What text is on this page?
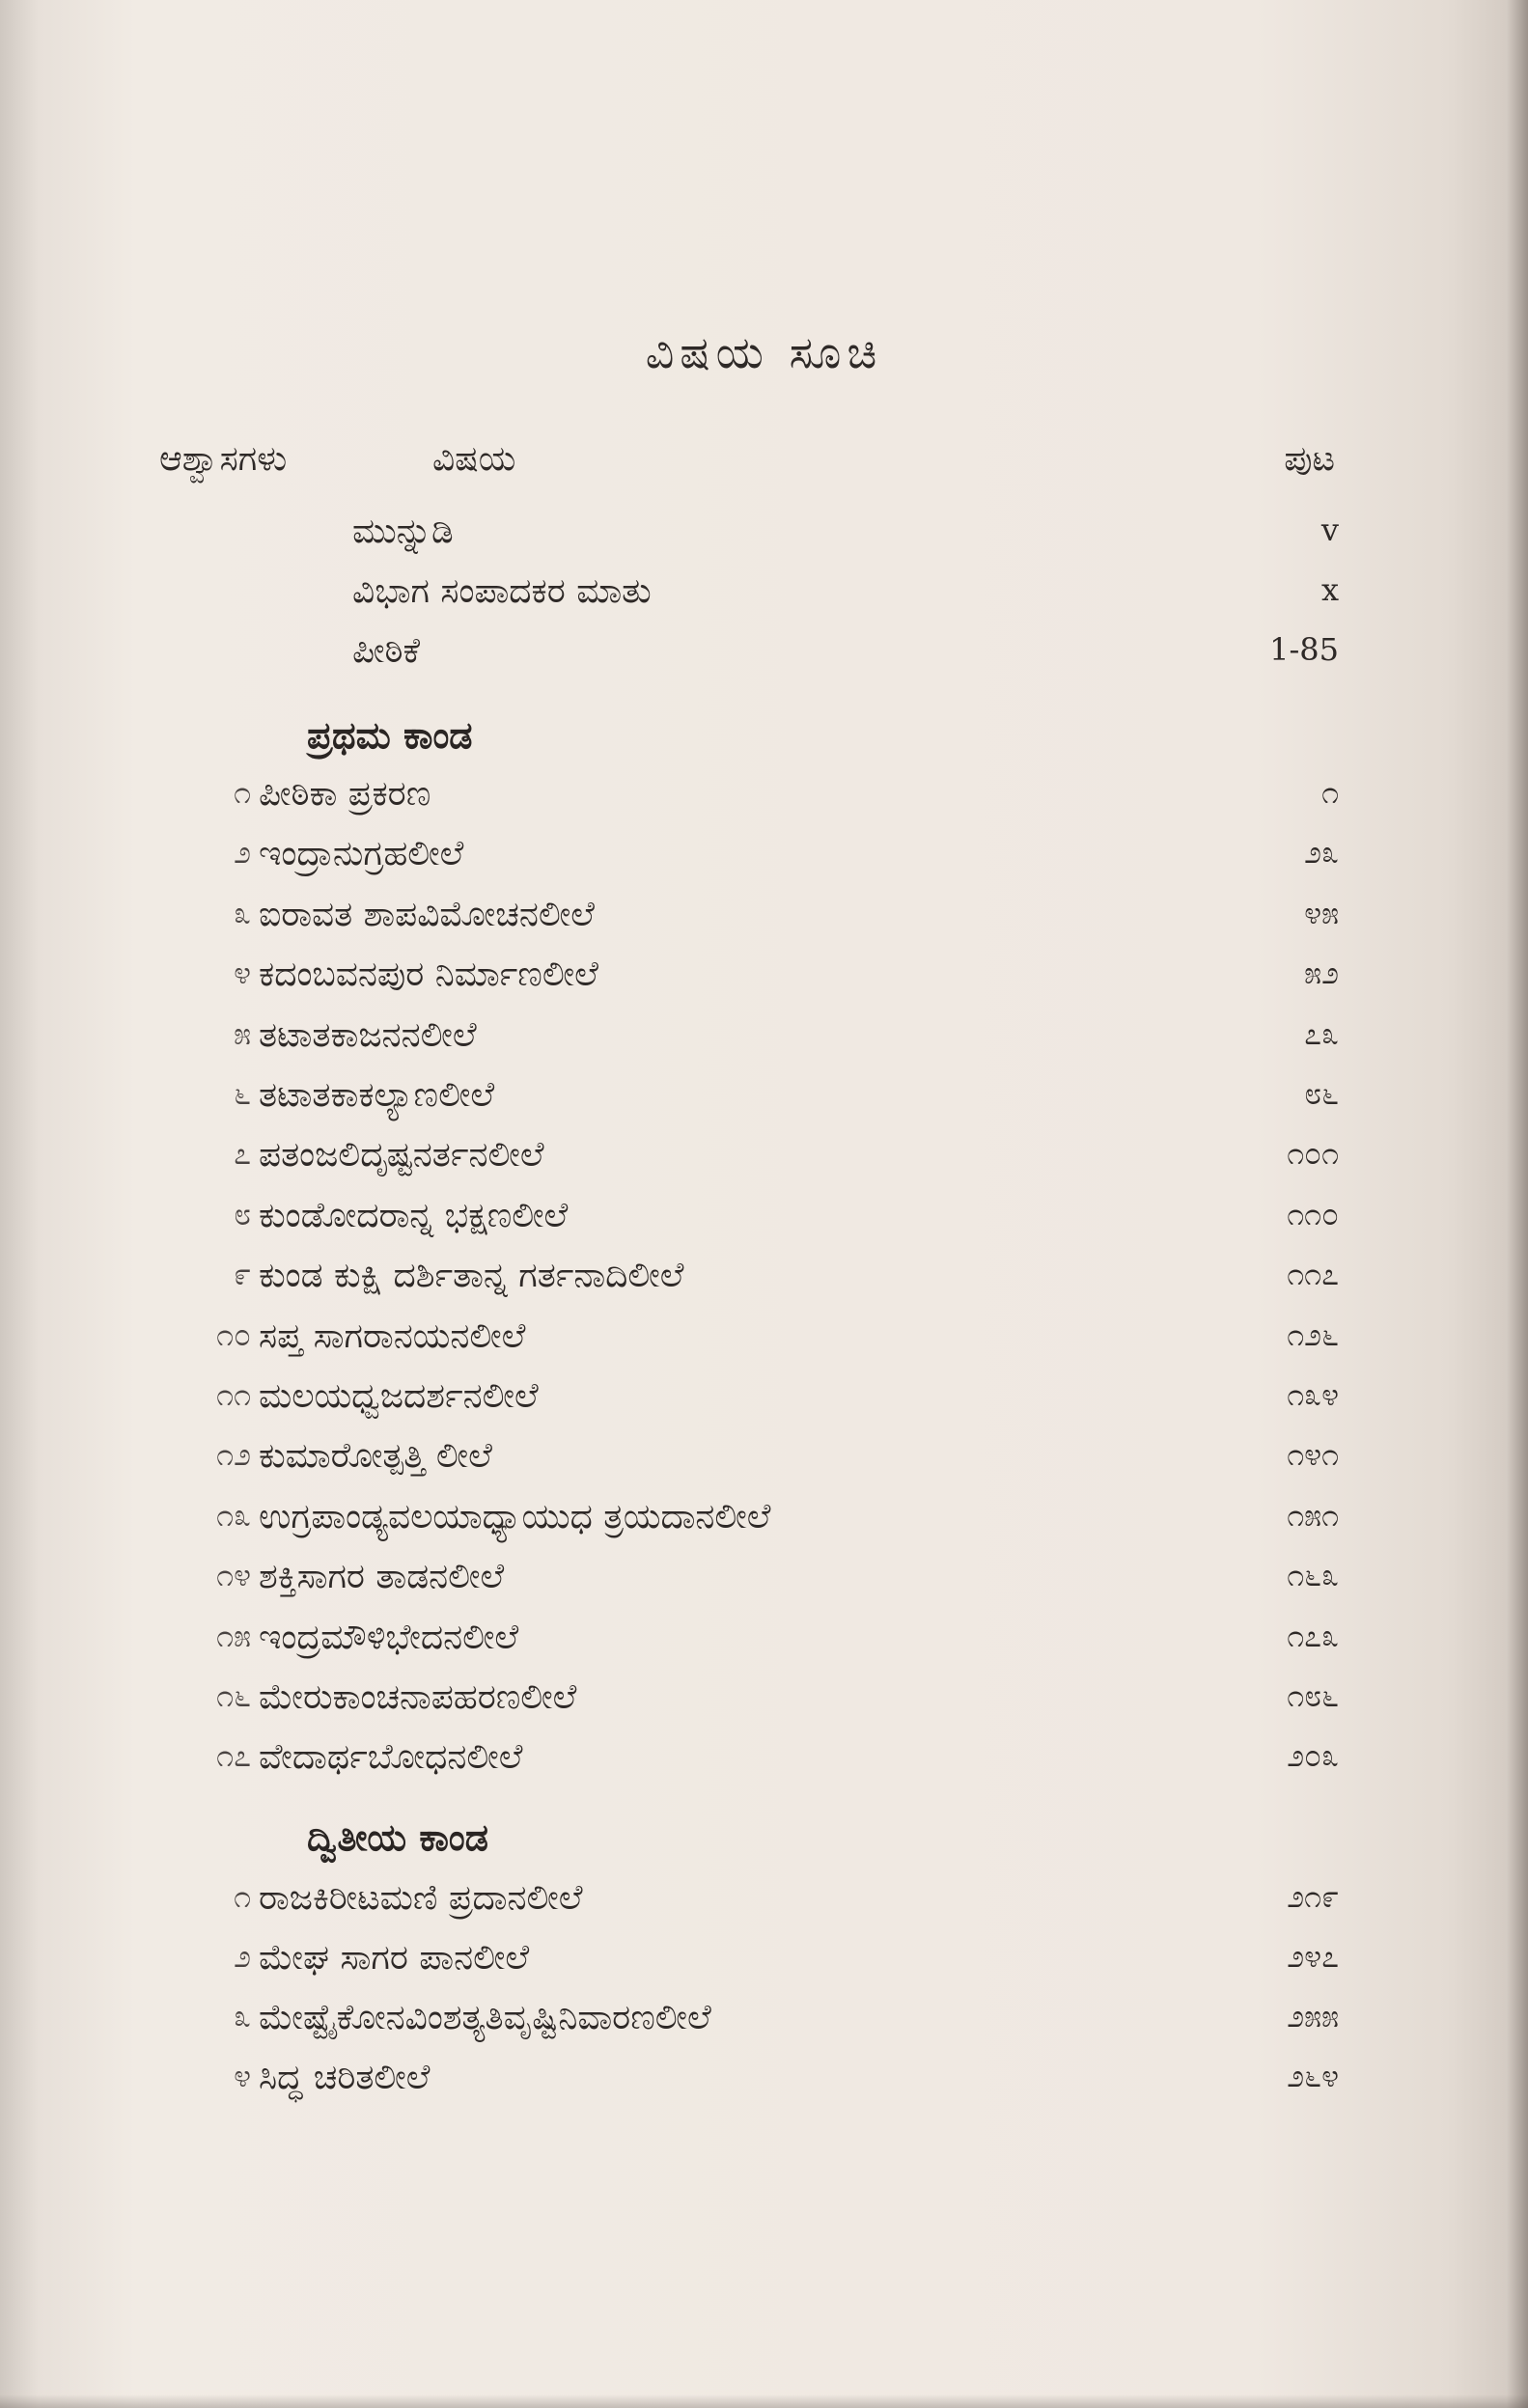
ವಿಷಯ ಸೂಚಿ
ಆಶ್ವಾಸಗಳು	ವಿಷಯ	ಪುಟ
ಮುನ್ನುಡಿ	v
ವಿಭಾಗ ಸಂಪಾದಕರ ಮಾತು	x
ಪೀಠಿಕೆ	1-85
ಪ್ರಥಮ ಕಾಂಡ
೧ ಪೀಠಿಕಾ ಪ್ರಕರಣ	೧
೨ ಇಂದ್ರಾನುಗ್ರಹಲೀಲೆ	೨೩
೩ ಐರಾವತ ಶಾಪವಿಮೋಚನಲೀಲೆ	೪೫
೪ ಕದಂಬವನಪುರ ನಿರ್ಮಾಣಲೀಲೆ	೫೨
೫ ತಟಾತಕಾಜನನಲೀಲೆ	೭೩
೬ ತಟಾತಕಾಕಲ್ಯಾಣಲೀಲೆ	೮೬
೭ ಪತಂಜಲಿದೃಷ್ಟನರ್ತನಲೀಲೆ	೧೦೧
೮ ಕುಂಡೋದರಾನ್ನ ಭಕ್ಷಣಲೀಲೆ	೧೧೦
೯ ಕುಂಡ ಕುಕ್ಷಿ ದರ್ಶಿತಾನ್ನ ಗರ್ತನಾದಿಲೀಲೆ	೧೧೭
೧೦ ಸಪ್ತ ಸಾಗರಾನಯನಲೀಲೆ	೧೨೬
೧೧ ಮಲಯಧ್ವಜದರ್ಶನಲೀಲೆ	೧೩೪
೧೨ ಕುಮಾರೋತ್ಪತ್ತಿ ಲೀಲೆ	೧೪೧
೧೩ ಉಗ್ರಪಾಂಡ್ಯವಲಯಾಧ್ಯಾಯುಧ ತ್ರಯದಾನಲೀಲೆ	೧೫೧
೧೪ ಶಕ್ತಿಸಾಗರ ತಾಡನಲೀಲೆ	೧೬೩
೧೫ ಇಂದ್ರಮೌಳಿಭೇದನಲೀಲೆ	೧೭೩
೧೬ ಮೇರುಕಾಂಚನಾಪಹರಣಲೀಲೆ	೧೮೬
೧೭ ವೇದಾರ್ಥಬೋಧನಲೀಲೆ	೨೦೩
ದ್ವಿತೀಯ ಕಾಂಡ
೧ ರಾಜಕಿರೀಟಮಣಿ ಪ್ರದಾನಲೀಲೆ	೨೧೯
೨ ಮೇಘ ಸಾಗರ ಪಾನಲೀಲೆ	೨೪೭
೩ ಮೇಷ್ಟೈಕೋನವಿಂಶತ್ಯತಿವೃಷ್ಟಿನಿವಾರಣಲೀಲೆ	೨೫೫
೪ ಸಿದ್ಧ ಚರಿತಲೀಲೆ	೨೬೪
